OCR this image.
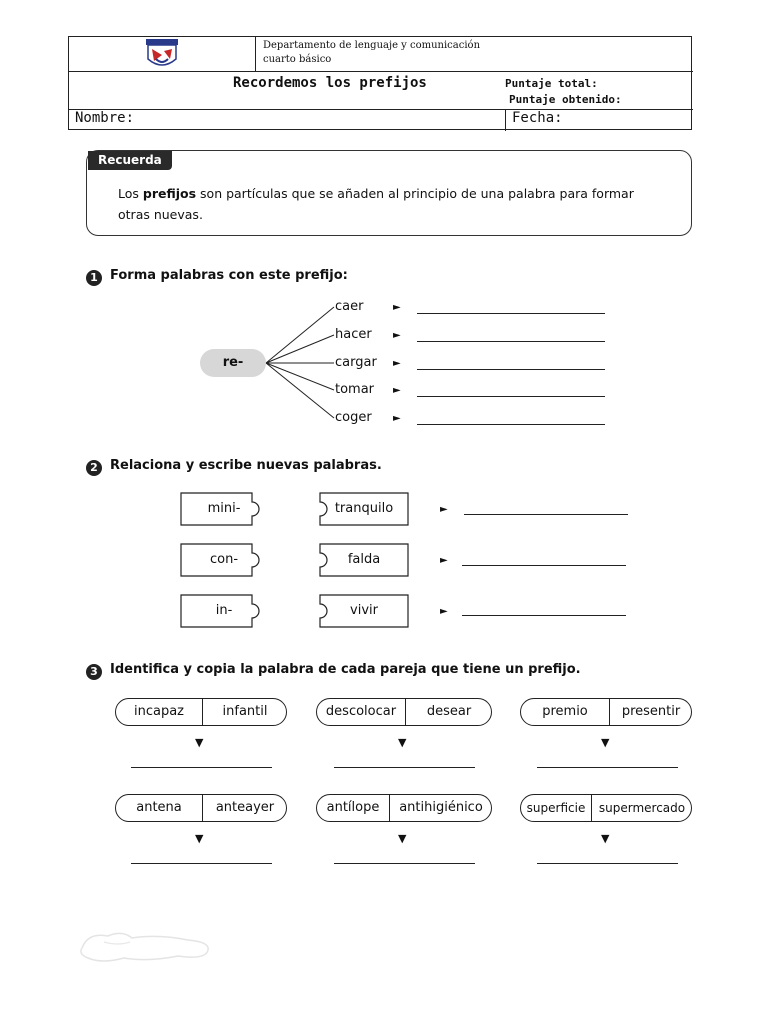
Departamento de lenguaje y comunicación
cuarto básico
Recordemos los prefijos	Puntaje total:
Puntaje obtenido:
Nombre:	Fecha:
Recuerda
Los prefijos son partículas que se añaden al principio de una palabra para formar otras nuevas.
1 Forma palabras con este prefijo:
re-
caer
hacer
cargar
tomar
coger
►
►
►
►
►
2 Relaciona y escribe nuevas palabras.
mini-
con-
in-
tranquilo
falda
vivir
►
►
►
3 Identifica y copia la palabra de cada pareja que tiene un prefijo.
incapaz	infantil	descolocar	desear	premio	presentir
▼	▼	▼
antena	anteayer	antílope	antihigiénico	superficie	supermercado
▼	▼	▼
